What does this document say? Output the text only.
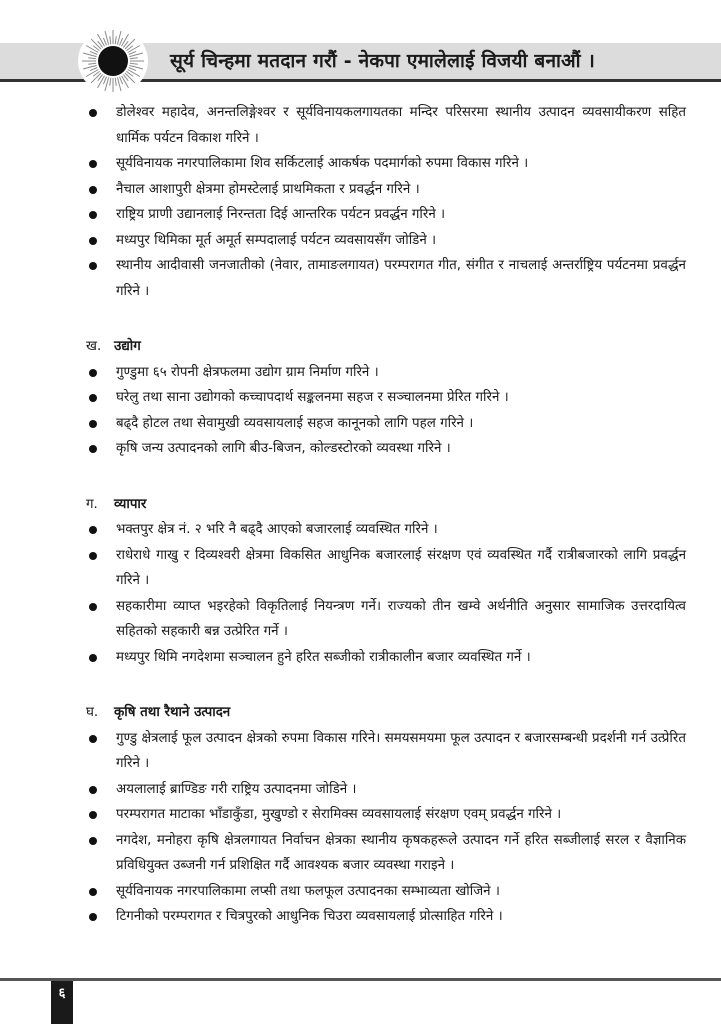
सूर्य चिन्हमा मतदान गरौं - नेकपा एमालेलाई विजयी बनाऔं ।
डोलेश्वर महादेव, अनन्तलिङ्गेश्वर र सूर्यविनायकलगायतका मन्दिर परिसरमा स्थानीय उत्पादन व्यवसायीकरण सहित धार्मिक पर्यटन विकाश गरिने ।
सूर्यविनायक नगरपालिकामा शिव सर्किटलाई आकर्षक पदमार्गको रुपमा विकास गरिने ।
नैचाल आशापुरी क्षेत्रमा होमस्टेलाई प्राथमिकता र प्रवर्द्धन गरिने ।
राष्ट्रिय प्राणी उद्यानलाई निरन्तता दिई आन्तरिक पर्यटन प्रवर्द्धन गरिने ।
मध्यपुर थिमिका मूर्त अमूर्त सम्पदालाई पर्यटन व्यवसायसँग जोडिने ।
स्थानीय आदीवासी जनजातीको (नेवार, तामाङलगायत) परम्परागत गीत, संगीत र नाचलाई अन्तर्राष्ट्रिय पर्यटनमा प्रवर्द्धन गरिने ।
ख. उद्योग
गुण्डुमा ६५ रोपनी क्षेत्रफलमा उद्योग ग्राम निर्माण गरिने ।
घरेलु तथा साना उद्योगको कच्चापदार्थ सङ्कलनमा सहज र सञ्चालनमा प्रेरित गरिने ।
बढ्दै होटल तथा सेवामुखी व्यवसायलाई सहज कानूनको लागि पहल गरिने ।
कृषि जन्य उत्पादनको लागि बीउ-बिजन, कोल्डस्टोरको व्यवस्था गरिने ।
ग. व्यापार
भक्तपुर क्षेत्र नं. २ भरि नै बढ्दै आएको बजारलाई व्यवस्थित गरिने ।
राधेराधे गाखु र दिव्यश्वरी क्षेत्रमा विकसित आधुनिक बजारलाई संरक्षण एवं व्यवस्थित गर्दै रात्रीबजारको लागि प्रवर्द्धन गरिने ।
सहकारीमा व्याप्त भइरहेको विकृतिलाई नियन्त्रण गर्ने। राज्यको तीन खम्वे अर्थनीति अनुसार सामाजिक उत्तरदायित्व सहितको सहकारी बन्न उत्प्रेरित गर्ने ।
मध्यपुर थिमि नगदेशमा सञ्चालन हुने हरित सब्जीको रात्रीकालीन बजार व्यवस्थित गर्ने ।
घ. कृषि तथा रैथाने उत्पादन
गुण्डु क्षेत्रलाई फूल उत्पादन क्षेत्रको रुपमा विकास गरिने। समयसमयमा फूल उत्पादन र बजारसम्बन्धी प्रदर्शनी गर्न उत्प्रेरित गरिने ।
अयलालाई ब्राण्डिङ गरी राष्ट्रिय उत्पादनमा जोडिने ।
परम्परागत माटाका भाँडाकुँडा, मुखुण्डो र सेरामिक्स व्यवसायलाई संरक्षण एवम् प्रवर्द्धन गरिने ।
नगदेश, मनोहरा कृषि क्षेत्रलगायत निर्वाचन क्षेत्रका स्थानीय कृषकहरूले उत्पादन गर्ने हरित सब्जीलाई सरल र वैज्ञानिक प्रविधियुक्त उब्जनी गर्न प्रशिक्षित गर्दै आवश्यक बजार व्यवस्था गराइने ।
सूर्यविनायक नगरपालिकामा लप्सी तथा फलफूल उत्पादनका सम्भाव्यता खोजिने ।
टिगनीको परम्परागत र चित्रपुरको आधुनिक चिउरा व्यवसायलाई प्रोत्साहित गरिने ।
६
